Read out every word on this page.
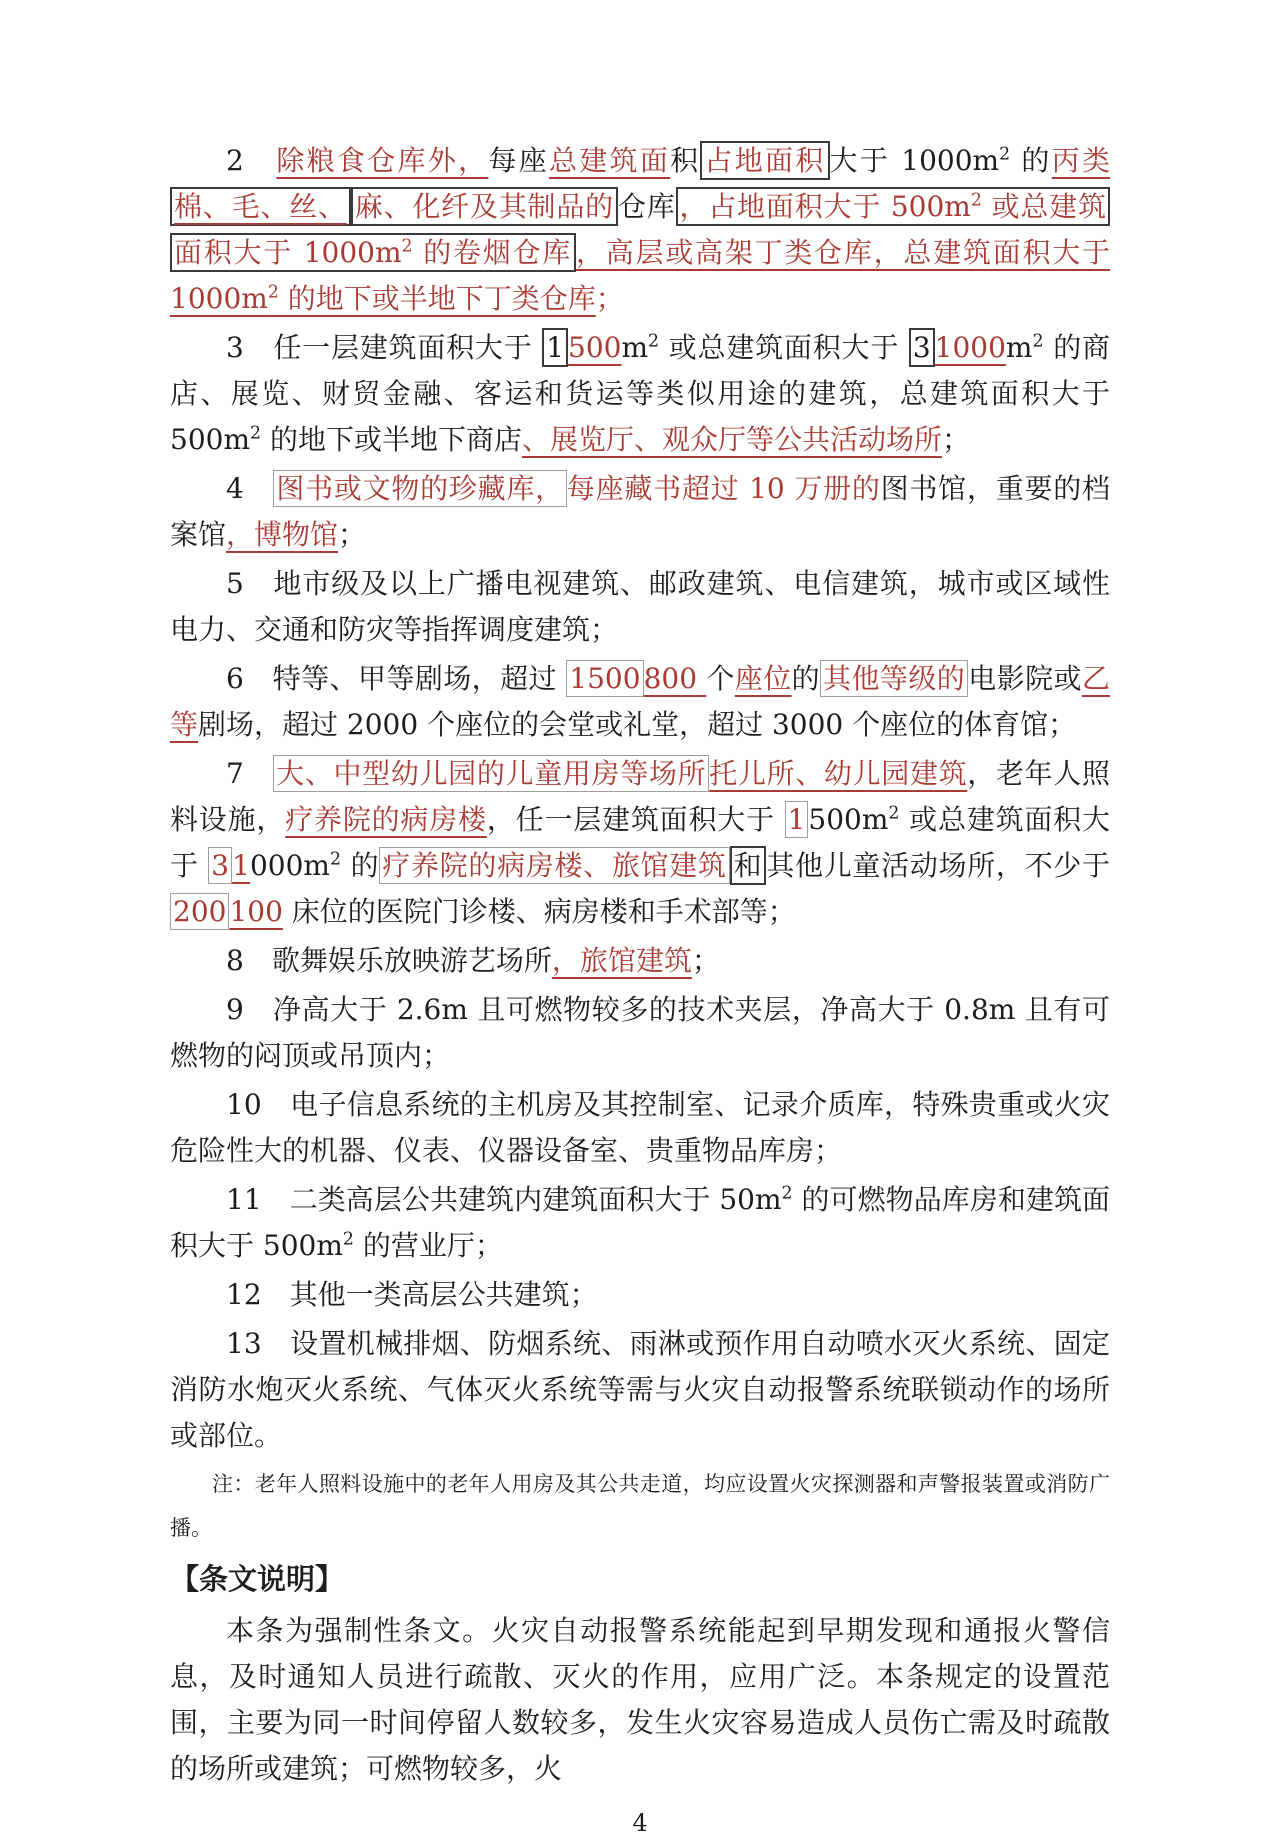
2　除粮食仓库外，每座总建筑面积 占地面积 大于 $1000m^2$ 的丙类棉、毛、丝、 麻、化纤及其制品的 仓库 ，占地面积大于 $500m^2$ 或总建筑面积大于 $1000m^2$ 的卷烟仓库 ，高层或高架丁类仓库，总建筑面积大于 $1000m^2$ 的地下或半地下丁类仓库；

3　任一层建筑面积大于 1 $500m^2$ 或总建筑面积大于 3 $1000m^2$ 的商店、展览、财贸金融、客运和货运等类似用途的建筑，总建筑面积大于 $500m^2$ 的地下或半地下商店、展览厅、观众厅等公共活动场所；

4　图书或文物的珍藏库， 每座藏书超过 10 万册的图书馆，重要的档案馆，博物馆；

5　地市级及以上广播电视建筑、邮政建筑、电信建筑，城市或区域性电力、交通和防灾等指挥调度建筑；

6　特等、甲等剧场，超过 1500 800 个座位的 其他等级的 电影院或乙等剧场，超过 2000 个座位的会堂或礼堂，超过 3000 个座位的体育馆；

7　大、中型幼儿园的儿童用房等场所 托儿所、幼儿园建筑，老年人照料设施，疗养院的病房楼，任一层建筑面积大于 1 $500m^2$ 或总建筑面积大于 3 $1000m^2$ 的 疗养院的病房楼、旅馆建筑 和 其他儿童活动场所，不少于 200 100 床位的医院门诊楼、病房楼和手术部等；

8　歌舞娱乐放映游艺场所，旅馆建筑；

9　净高大于 2.6m 且可燃物较多的技术夹层，净高大于 0.8m 且有可燃物的闷顶或吊顶内；

10　电子信息系统的主机房及其控制室、记录介质库，特殊贵重或火灾危险性大的机器、仪表、仪器设备室、贵重物品库房；

11　二类高层公共建筑内建筑面积大于 $50m^2$ 的可燃物品库房和建筑面积大于 $500m^2$ 的营业厅；

12　其他一类高层公共建筑；

13　设置机械排烟、防烟系统、雨淋或预作用自动喷水灭火系统、固定消防水炮灭火系统、气体灭火系统等需与火灾自动报警系统联锁动作的场所或部位。

注：老年人照料设施中的老年人用房及其公共走道，均应设置火灾探测器和声警报装置或消防广播。

【条文说明】

本条为强制性条文。火灾自动报警系统能起到早期发现和通报火警信息，及时通知人员进行疏散、灭火的作用，应用广泛。本条规定的设置范围，主要为同一时间停留人数较多，发生火灾容易造成人员伤亡需及时疏散的场所或建筑；可燃物较多，火

4
